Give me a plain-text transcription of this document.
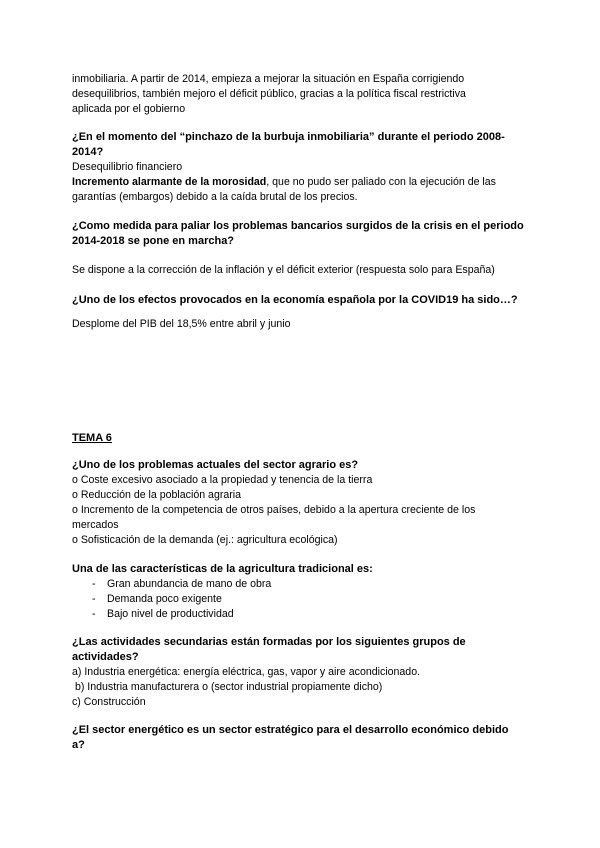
inmobiliaria. A partir de 2014, empieza a mejorar la situación en España corrigiendo

desequilibrios, también mejoro el déficit público, gracias a la política fiscal restrictiva

aplicada por el gobierno

¿En el momento del “pinchazo de la burbuja inmobiliaria” durante el periodo 2008-2014?

Desequilibrio financiero

Incremento alarmante de la morosidad, que no pudo ser paliado con la ejecución de las garantías (embargos) debido a la caída brutal de los precios.

¿Como medida para paliar los problemas bancarios surgidos de la crisis en el periodo 2014-2018 se pone en marcha?

Se dispone a la corrección de la inflación y el déficit exterior (respuesta solo para España)

¿Uno de los efectos provocados en la economía española por la COVID19 ha sido…?

Desplome del PIB del 18,5% entre abril y junio

TEMA 6

¿Uno de los problemas actuales del sector agrario es?

o Coste excesivo asociado a la propiedad y tenencia de la tierra

o Reducción de la población agraria

o Incremento de la competencia de otros países, debido a la apertura creciente de los mercados

o Sofisticación de la demanda (ej.: agricultura ecológica)

Una de las características de la agricultura tradicional es:

- Gran abundancia de mano de obra
- Demanda poco exigente
- Bajo nivel de productividad

¿Las actividades secundarias están formadas por los siguientes grupos de actividades?

a) Industria energética: energía eléctrica, gas, vapor y aire acondicionado.

b) Industria manufacturera o (sector industrial propiamente dicho)

c) Construcción

¿El sector energético es un sector estratégico para el desarrollo económico debido a?
